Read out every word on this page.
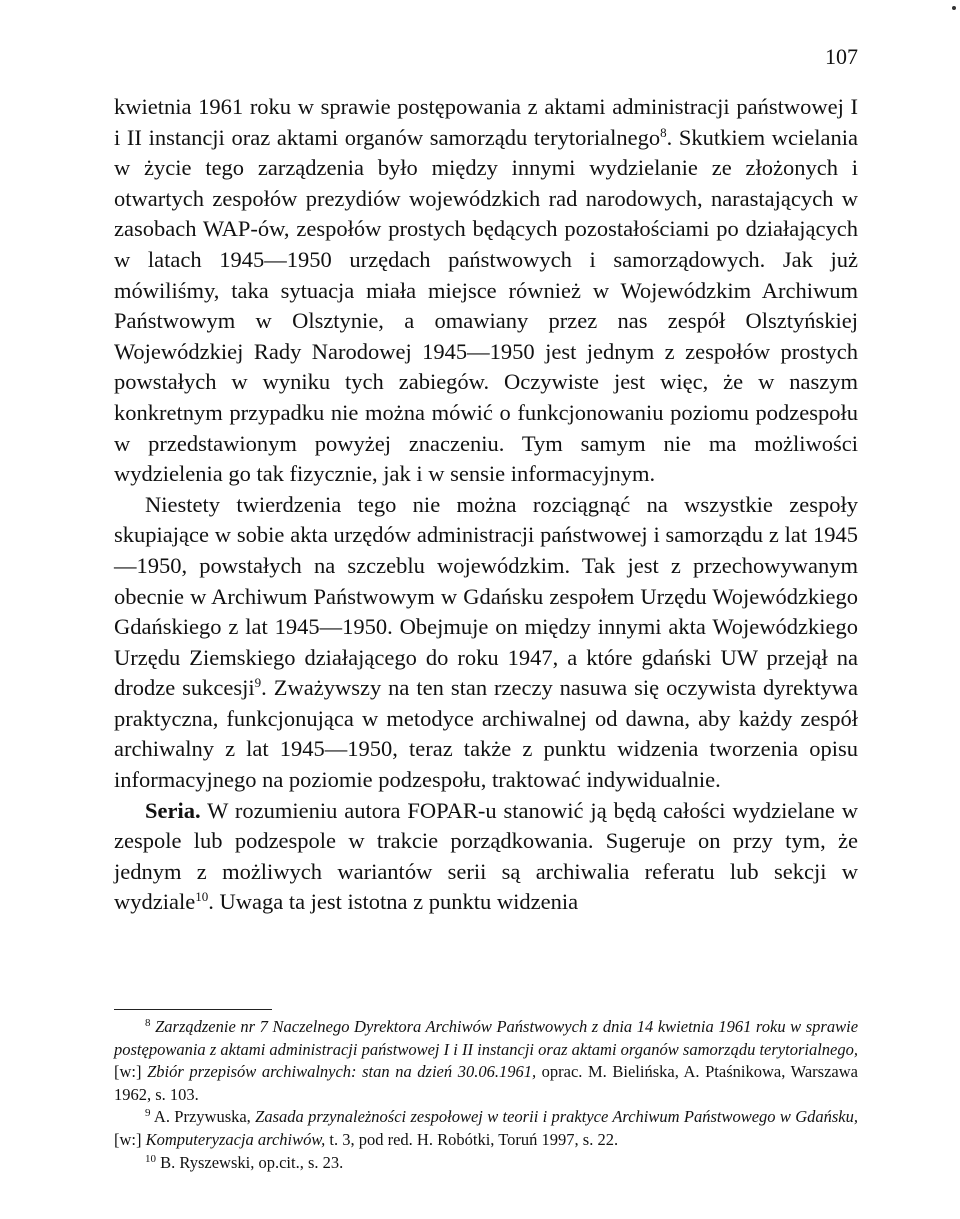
107

kwietnia 1961 roku w sprawie postępowania z aktami administracji państwowej I i II instancji oraz aktami organów samorządu terytorialnego$^8$. Skutkiem wcielania w życie tego zarządzenia było między innymi wydzielanie ze złożonych i otwartych zespołów prezydiów wojewódzkich rad narodowych, narastających w zasobach WAP-ów, zespołów prostych będących pozostałościami po działających w latach 1945—1950 urzędach państwowych i samorządowych. Jak już mówiliśmy, taka sytuacja miała miejsce również w Wojewódzkim Archiwum Państwowym w Olsztynie, a omawiany przez nas zespół Olsztyńskiej Wojewódzkiej Rady Narodowej 1945—1950 jest jednym z zespołów prostych powstałych w wyniku tych zabiegów. Oczywiste jest więc, że w naszym konkretnym przypadku nie można mówić o funkcjonowaniu poziomu podzespołu w przedstawionym powyżej znaczeniu. Tym samym nie ma możliwości wydzielenia go tak fizycznie, jak i w sensie informacyjnym.

Niestety twierdzenia tego nie można rozciągnąć na wszystkie zespoły skupiające w sobie akta urzędów administracji państwowej i samorządu z lat 1945—1950, powstałych na szczeblu wojewódzkim. Tak jest z przechowywanym obecnie w Archiwum Państwowym w Gdańsku zespołem Urzędu Wojewódzkiego Gdańskiego z lat 1945—1950. Obejmuje on między innymi akta Wojewódzkiego Urzędu Ziemskiego działającego do roku 1947, a które gdański UW przejął na drodze sukcesji$^9$. Zważywszy na ten stan rzeczy nasuwa się oczywista dyrektywa praktyczna, funkcjonująca w metodyce archiwalnej od dawna, aby każdy zespół archiwalny z lat 1945—1950, teraz także z punktu widzenia tworzenia opisu informacyjnego na poziomie podzespołu, traktować indywidualnie.

Seria. W rozumieniu autora FOPAR-u stanowić ją będą całości wydzielane w zespole lub podzespole w trakcie porządkowania. Sugeruje on przy tym, że jednym z możliwych wariantów serii są archiwalia referatu lub sekcji w wydziale$^{10}$. Uwaga ta jest istotna z punktu widzenia

$^8$ Zarządzenie nr 7 Naczelnego Dyrektora Archiwów Państwowych z dnia 14 kwietnia 1961 roku w sprawie postępowania z aktami administracji państwowej I i II instancji oraz aktami organów samorządu terytorialnego, [w:] Zbiór przepisów archiwalnych: stan na dzień 30.06.1961, oprac. M. Bielińska, A. Ptaśnikowa, Warszawa 1962, s. 103.

$^9$ A. Przywuska, Zasada przynależności zespołowej w teorii i praktyce Archiwum Państwowego w Gdańsku, [w:] Komputeryzacja archiwów, t. 3, pod red. H. Robótki, Toruń 1997, s. 22.

$^{10}$ B. Ryszewski, op.cit., s. 23.
